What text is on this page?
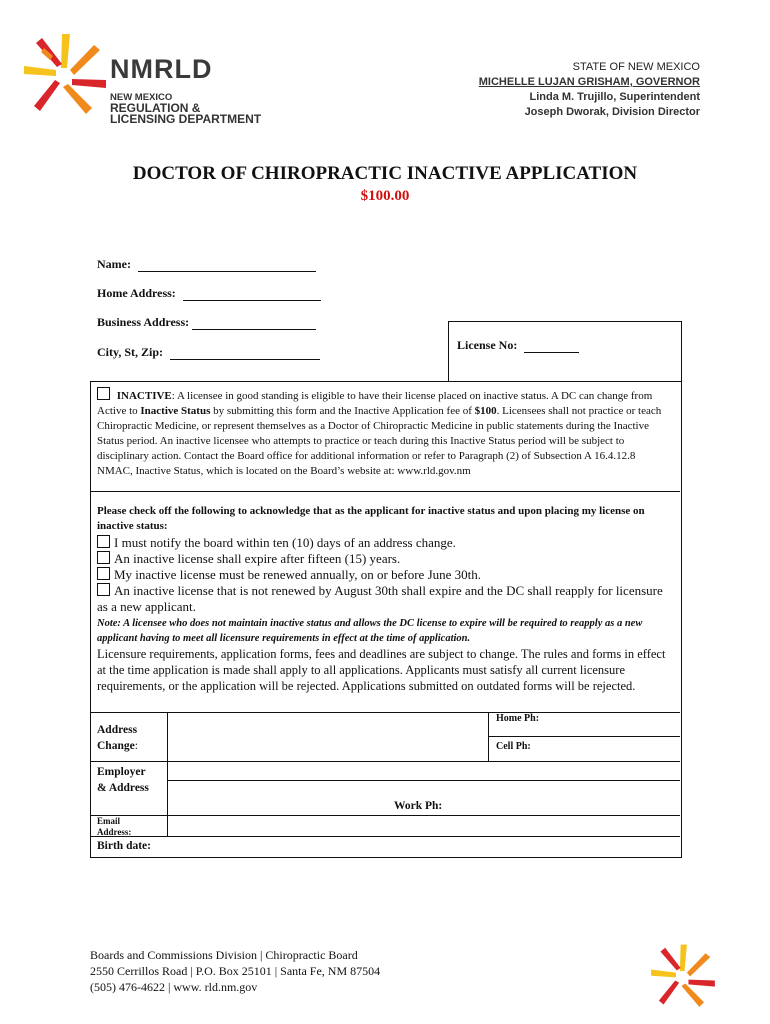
NMRLD
NEW MEXICO
REGULATION &
LICENSING DEPARTMENT
STATE OF NEW MEXICO
MICHELLE LUJAN GRISHAM, GOVERNOR
Linda M. Trujillo, Superintendent
Joseph Dworak, Division Director
DOCTOR OF CHIROPRACTIC INACTIVE APPLICATION
$100.00
Name:
Home Address:
Business Address:
City, St, Zip:	License No:
INACTIVE: A licensee in good standing is eligible to have their license placed on inactive status. A DC can change from Active to Inactive Status by submitting this form and the Inactive Application fee of $100. Licensees shall not practice or teach Chiropractic Medicine, or represent themselves as a Doctor of Chiropractic Medicine in public statements during the Inactive Status period. An inactive licensee who attempts to practice or teach during this Inactive Status period will be subject to disciplinary action. Contact the Board office for additional information or refer to Paragraph (2) of Subsection A 16.4.12.8 NMAC, Inactive Status, which is located on the Board’s website at: www.rld.gov.nm
Please check off the following to acknowledge that as the applicant for inactive status and upon placing my license on inactive status:
I must notify the board within ten (10) days of an address change.
An inactive license shall expire after fifteen (15) years.
My inactive license must be renewed annually, on or before June 30th.
An inactive license that is not renewed by August 30th shall expire and the DC shall reapply for licensure as a new applicant.
Note: A licensee who does not maintain inactive status and allows the DC license to expire will be required to reapply as a new applicant having to meet all licensure requirements in effect at the time of application.
Licensure requirements, application forms, fees and deadlines are subject to change. The rules and forms in effect at the time application is made shall apply to all applications. Applicants must satisfy all current licensure requirements, or the application will be rejected. Applications submitted on outdated forms will be rejected.
Address
Change:
Home Ph:
Cell Ph:
Employer
& Address
Work Ph:
Email
Address:
Birth date:
Boards and Commissions Division | Chiropractic Board
2550 Cerrillos Road | P.O. Box 25101 | Santa Fe, NM 87504
(505) 476-4622 | www. rld.nm.gov
